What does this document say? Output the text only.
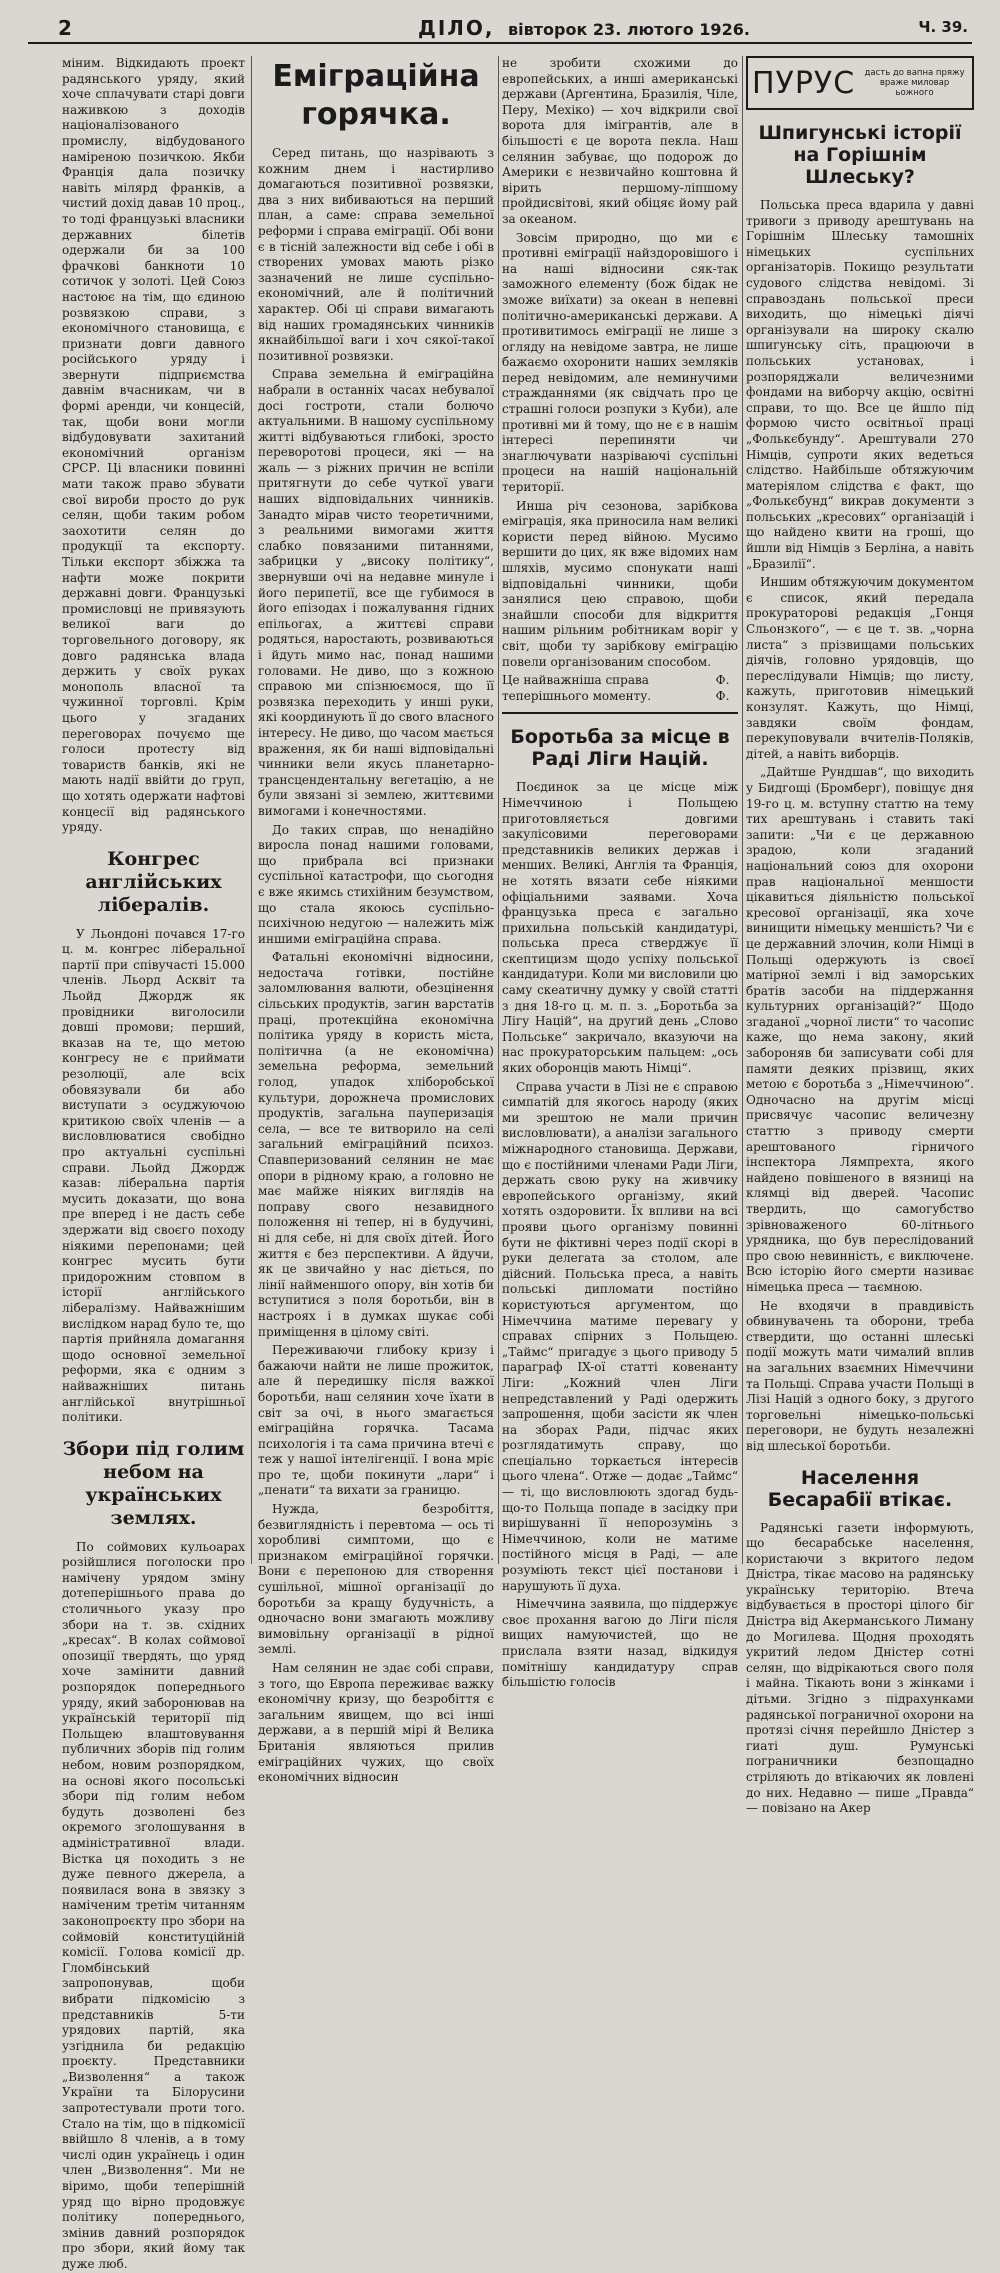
2	ДІЛО, вівторок 23. лютого 1926.	Ч. 39.

міним. Відкидають проект радянського уряду, який хоче сплачувати старі довги наживкою з доходів націоналізованого промислу, відбудованого наміреною позичкою. Якби Франція дала позичку навіть мілярд франків, а чистий дохід давав 10 проц., то тоді французькі власники державних білетів одержали би за 100 фрачкові банкноти 10 сотичок у золоті. Цей Союз настоює на тім, що єдиною розвязкою справи, з економічного становища, є признати довги давного російського уряду і звернути підприємства давнім вчасникам, чи в формі аренди, чи концесій, так, щоби вони могли відбудовувати захитаний економічний організм СРСР. Ці власники повинні мати також право збувати свої вироби просто до рук селян, щоби таким робом заохотити селян до продукції та експорту. Тільки експорт збіжжа та нафти може покрити державні довги. Французькі промисловці не привязують великої ваги до торговельного договору, як довго радянська влада держить у своїх руках монополь власної та чужинної торговлі. Крім цього у згаданих переговорах почуємо ще голоси протесту від товариств банків, які не мають надії ввійти до груп, що хотять одержати нафтові концесії від радянського уряду.

Конгрес англійських лібералів.

У Льондоні почався 17-го ц. м. конгрес ліберальної партії при співучасті 15.000 членів. Льорд Асквіт та Льойд Джордж як провідники виголосили довші промови; перший, вказав на те, що метою конгресу не є приймати резолюції, але всіх обовязували би або виступати з осуджуючою критикою своїх членів — а висловлюватися свобідно про актуальні суспільні справи. Льойд Джордж казав: ліберальна партія мусить доказати, що вона пре вперед і не дасть себе здержати від своєго походу ніякими перепонами; цей конгрес мусить бути придорожним стовпом в історії англійського лібералізму. Найважнішим вислідком нарад було те, що партія прийняла домагання щодо основної земельної реформи, яка є одним з найважніших питань англійської внутрішньої політики.

Збори під голим небом на українських землях.

По соймових кульоарах розійшлися поголоски про намічену урядом зміну дотеперішнього права до столичнього указу про збори на т. зв. східних „кресах“. В колах соймової опозиції твердять, що уряд хоче замінити давний розпорядок попереднього уряду, який заборонював на українській території під Польщею влаштовування публичних зборів під голим небом, новим розпорядком, на основі якого посольські збори під голим небом будуть дозволені без окремого зголошування в адміністративної влади. Вістка ця походить з не дуже певного джерела, а появилася вона в звязку з наміченим третім читанням законопроєкту про збори на соймовій конституційній комісії. Голова комісії др. Гломбінський запропонував, щоби вибрати підкомісію з представників 5-ти урядових партій, яка узгіднила би редакцію проєкту. Представники „Визволення“ а також України та Білорусини запротестували проти того. Стало на тім, що в підкомісії ввійшло 8 членів, а в тому числі один українець і один член „Визволення“. Ми не віримо, щоби теперішній уряд що вірно продовжує політику попереднього, змінив давний розпорядок про збори, який йому так дуже люб.

Еміграційна горячка.

Серед питань, що назрівають з кожним днем і настирливо домагаються позитивної розвязки, два з них вибиваються на перший план, а саме: справа земельної реформи і справа еміграції. Обі вони є в тісній залежности від себе і обі в створених умовах мають різко зазначений не лише суспільно-економічний, але й політичний характер. Обі ці справи вимагають від наших громадянських чинників якнайбільшої ваги і хоч сякої-такої позитивної розвязки.

Справа земельна й еміграційна набрали в останніх часах небувалої досі гостроти, стали болючо актуальними. В нашому суспільному житті відбуваються глибокі, зросто переворотові процеси, які — на жаль — з ріжних причин не вспіли притягнути до себе чуткої уваги наших відповідальних чинників. Занадто мірав чисто теоретичними, з реальними вимогами життя слабко повязаними питаннями, забрицки у „високу політику“, звернувши очі на недавне минуле і його перипетії, все ще губимося в його епізодах і пожалування гідних епільогах, а життєві справи родяться, наростають, розвиваються і йдуть мимо нас, понад нашими головами. Не диво, що з кожною справою ми спізнюємося, що її розвязка переходить у инші руки, які координують її до свого власного інтересу. Не диво, що часом мається враження, як би наші відповідальні чинники вели якусь планетарно-трансцендентальну вегетацію, а не були звязані зі землею, життєвими вимогами і конечностями.

До таких справ, що ненадійно виросла понад нашими головами, що прибрала всі признаки суспільної катастрофи, що сьогодня є вже якимсь стихійним безумством, що стала якоюсь суспільно-психічною недугою — належить між иншими еміграційна справа.

Фатальні економічні відносини, недостача готівки, постійне заломлювання валюти, обезцінення сільських продуктів, загин варстатів праці, протекційна економічна політика уряду в користь міста, політична (а не економічна) земельна реформа, земельний голод, упадок хліборобської культури, дорожнеча промислових продуктів, загальна пауперизація села, — все те витворило на селі загальний еміграційний психоз. Спавперизований селянин не має опори в рідному краю, а головно не має майже ніяких виглядів на поправу свого незавидного положення ні тепер, ні в будучині, ні для себе, ні для своїх дітей. Його життя є без перспективи. А йдучи, як це звичайно у нас діється, по лінії найменшого опору, він хотів би вступитися з поля боротьби, він в настроях і в думках шукає собі приміщення в цілому світі.

Переживаючи глибоку кризу і бажаючи найти не лише прожиток, але й передишку після важкої боротьби, наш селянин хоче їхати в світ за очі, в нього змагається еміграційна горячка. Тасама психологія і та сама причина втечі є теж у нашої інтелігенції. І вона мріє про те, щоби покинути „лари“ і „пенати“ та вихати за границю.

Нужда, безробіття, безвиглядність і перевтома — ось ті хоробливі симптоми, що є признаком еміграційної горячки. Вони є перепоною для створення сушільної, мішної організації до боротьби за кращу будучність, а одночасно вони змагають можливу вимовільну організації в рідної землі.

Нам селянин не здає собі справи, з того, що Европа переживає важку економічну кризу, що безробіття є загальним явищем, що всі інші держави, а в першій мірі й Велика Британія являються прилив еміграційних чужих, що своїх економічних відносин

не зробити схожими до европейських, а инші американські держави (Аргентина, Бразилія, Чіле, Перу, Мехіко) — хоч відкрили свої ворота для імігрантів, але в більшості є це ворота пекла. Наш селянин забуває, що подорож до Америки є незвичайно коштовна й вірить першому-ліпшому пройдисвітові, який обіцяє йому рай за океаном.

Зовсім природно, що ми є противні еміграції найздоровішого і на наші відносини сяк-так заможного елементу (бож бідак не зможе виїхати) за океан в непевні політично-американські держави. А противитимось еміграції не лише з огляду на невідоме завтра, не лише бажаємо охоронити наших земляків перед невідомим, але неминучими стражданнями (як свідчать про це страшні голоси розпуки з Куби), але противні ми й тому, що не є в нашім інтересі перепиняти чи знаглючувати назріваючі суспільні процеси на нашій національній території.

Инша річ сезонова, зарібкова еміграція, яка приносила нам великі користи перед війною. Мусимо вершити до цих, як вже відомих нам шляхів, мусимо спонукати наші відповідальні чинники, щоби занялися цею справою, щоби знайшли способи для відкриття нашим рільним робітникам воріг у світ, щоби ту зарібкову еміграцію повели організованим способом.

Це найважніша справа теперішнього моменту.
Ф. Ф.
Боротьба за місце в Раді Ліги Націй.

Поєдинок за це місце між Німеччиною і Польщею приготовляється довгими закулісовими переговорами представників великих держав і менших. Великі, Англія та Франція, не хотять вязати себе ніякими офіціальними заявами. Хоча французька преса є загально прихильна польській кандидатурі, польська преса стверджує її скептицизм щодо успіху польської кандидатури. Коли ми висловили цю саму скеатичну думку у своїй статті з дня 18-го ц. м. п. з. „Боротьба за Лігу Націй“, на другий день „Слово Польське“ закричало, вказуючи на нас прокураторським пальцем: „ось яких оборонців мають Німці“.

Справа участи в Лізі не є справою симпатій для якогось народу (яких ми зрештою не мали причин висловлювати), а аналізи загального міжнародного становища. Держави, що є постійними членами Ради Ліги, держать свою руку на живчику европейського організму, який хотять оздоровити. Їх впливи на всі прояви цього організму повинні бути не фіктивні через події скорі в руки делегата за столом, але дійсний. Польська преса, а навіть польські дипломати постійно користуються аргументом, що Німеччина матиме перевагу у справах спірних з Польщею. „Таймс“ пригадує з цього приводу 5 параграф IX-ої статті ковенанту Ліги: „Кожний член Ліги непредставлений у Раді одержить запрошення, щоби засісти як член на зборах Ради, підчас яких розглядатимуть справу, що спеціально торкається інтересів цього члена“. Отже — додає „Таймс“ — ті, що висловлюють здогад будь-що-то Польща попаде в засідку при вирішуванні її непорозумінь з Німеччиною, коли не матиме постійного місця в Раді, — але розуміють текст цієї постанови і нарушують її духа.

Німеччина заявила, що піддержує своє прохання вагою до Ліги після вищих намуючистей, що не прислала взяти назад, відкидуя помітнішу кандидатуру справ більшістю голосів

ПУРУС	дасть до вапна пряжу враже миловар ьожного
Шпигунські історії на Горішнім Шлеську?

Польська преса вдарила у давні тривоги з приводу арештувань на Горішнім Шлеську тамошніх німецьких суспільних організаторів. Покищо результати судового слідства невідомі. Зі справоздань польської преси виходить, що німецькі діячі організували на широку скалю шпигунську сіть, працюючи в польських установах, і розпоряджали величезними фондами на виборчу акцію, освітні справи, то що. Все це йшло під формою чисто освітньої праці „Фолькєбунду“. Арештували 270 Німців, супроти яких ведеться слідство. Найбільше обтяжуючим матеріялом слідства є факт, що „Фолькєбунд“ викрав документи з польських „кресових“ організацій і що найдено квити на гроші, що йшли від Німців з Берліна, а навіть „Бразилії“.

Иншим обтяжуючим документом є список, який передала прокураторові редакція „Гонця Сльонзкого“, — є це т. зв. „чорна листа“ з прізвищами польських діячів, головно урядовців, що переслідували Німців; що листу, кажуть, приготовив німецький конзулят. Кажуть, що Німці, завдяки своїм фондам, перекуповували вчителів-Поляків, дітей, а навіть виборців.

„Дайтше Рундшав“, що виходить у Бидгощі (Бромберг), повіщує дня 19-го ц. м. вступну статтю на тему тих арештувань і ставить такі запити: „Чи є це державною зрадою, коли згаданий національний союз для охорони прав національної меншости цікавиться діяльністю польської кресової організації, яка хоче винищити німецьку меншість? Чи є це державний злочин, коли Німці в Польщі одержують із своєї матірної землі і від заморських братів засоби на піддержання культурних організацій?“ Щодо згаданої „чорної листи“ то часопис каже, що нема закону, який забороняв би записувати собі для памяти деяких прізвищ, яких метою є боротьба з „Німеччиною“. Одночасно на другім місці присвячує часопис величезну статтю з приводу смерти арештованого гірничого інспектора Лямпрехта, якого найдено повішеного в вязниці на клямці від дверей. Часопис твердить, що самогубство зрівноваженого 60-літнього урядника, що був переслідований про свою невинність, є виключене. Всю історію його смерти називає німецька преса — таємною.

Не входячи в правдивість обвинувачень та оборони, треба ствердити, що останні шлеські події можуть мати чималий вплив на загальних взаємних Німеччини та Польщі. Справа участи Польщі в Лізі Націй з одного боку, з другого торговельні німецько-польські переговори, не будуть незалежні від шлеської боротьби.

Населення Бесарабії втікає.

Радянські газети інформують, що бесарабське населення, користаючи з вкритого ледом Дністра, тікає масово на радянську українську територію. Втеча відбувається в просторі цілого біг Дністра від Акерманського Лиману до Могилева. Щодня проходять укритий ледом Дністер сотні селян, що відрікаються свого поля і майна. Тікають вони з жінками і дітьми. Згідно з підрахунками радянської пограничної охорони на протязі січня перейшло Дністер з гиаті душ. Румунські пограничники безпощадно стріляють до втікаючих як ловлені до них. Недавно — пише „Правда“ — повізано на Акер
